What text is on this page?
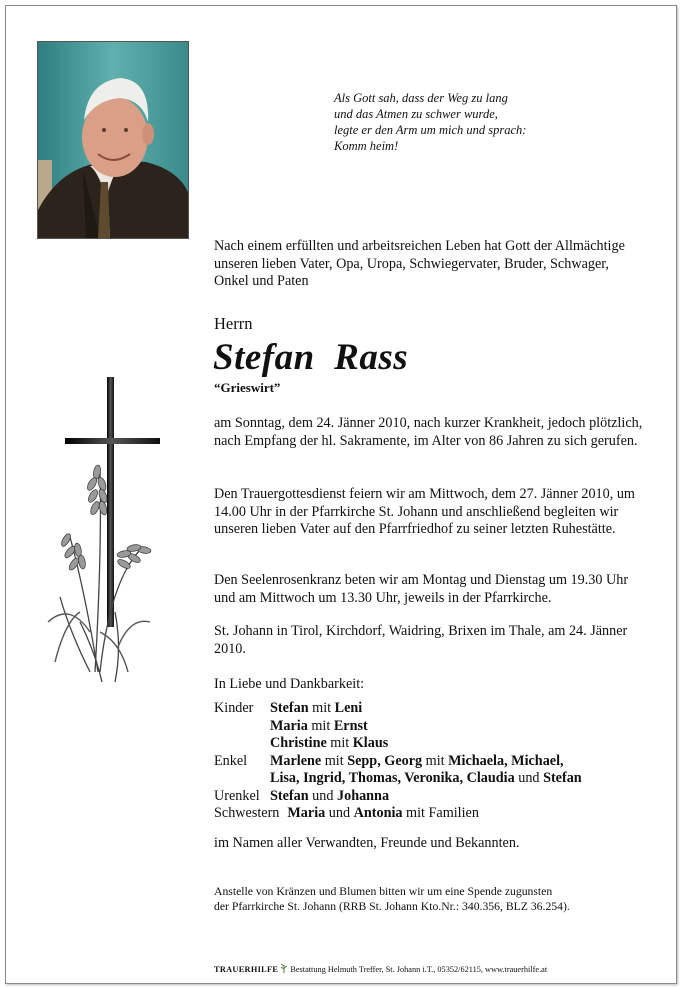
Als Gott sah, dass der Weg zu lang
und das Atmen zu schwer wurde,
legte er den Arm um mich und sprach:
Komm heim!
Nach einem erfüllten und arbeitsreichen Leben hat Gott der Allmächtige unseren lieben Vater, Opa, Uropa, Schwiegervater, Bruder, Schwager, Onkel und Paten
Herrn
Stefan  Rass
“Grieswirt”
am Sonntag, dem 24. Jänner 2010, nach kurzer Krankheit, jedoch plötzlich, nach Empfang der hl. Sakramente, im Alter von 86 Jahren zu sich gerufen.
Den Trauergottesdienst feiern wir am Mittwoch, dem 27. Jänner 2010, um 14.00 Uhr in der Pfarrkirche St. Johann und anschließend begleiten wir unseren lieben Vater auf den Pfarrfriedhof zu seiner letzten Ruhestätte.
Den Seelenrosenkranz beten wir am Montag und Dienstag um 19.30 Uhr und am Mittwoch um 13.30 Uhr, jeweils in der Pfarrkirche.
St. Johann in Tirol, Kirchdorf, Waidring, Brixen im Thale, am 24. Jänner 2010.
In Liebe und Dankbarkeit:
Kinder	Stefan mit Leni
Maria mit Ernst
Christine mit Klaus
Enkel	Marlene mit Sepp, Georg mit Michaela, Michael,
Lisa, Ingrid, Thomas, Veronika, Claudia und Stefan
Urenkel Stefan und Johanna
Schwestern Maria und Antonia mit Familien
im Namen aller Verwandten, Freunde und Bekannten.
Anstelle von Kränzen und Blumen bitten wir um eine Spende zugunsten
der Pfarrkirche St. Johann (RRB St. Johann Kto.Nr.: 340.356, BLZ 36.254).
TRAUERHILFE  Bestattung Helmuth Treffer, St. Johann i.T., 05352/62115, www.trauerhilfe.at
